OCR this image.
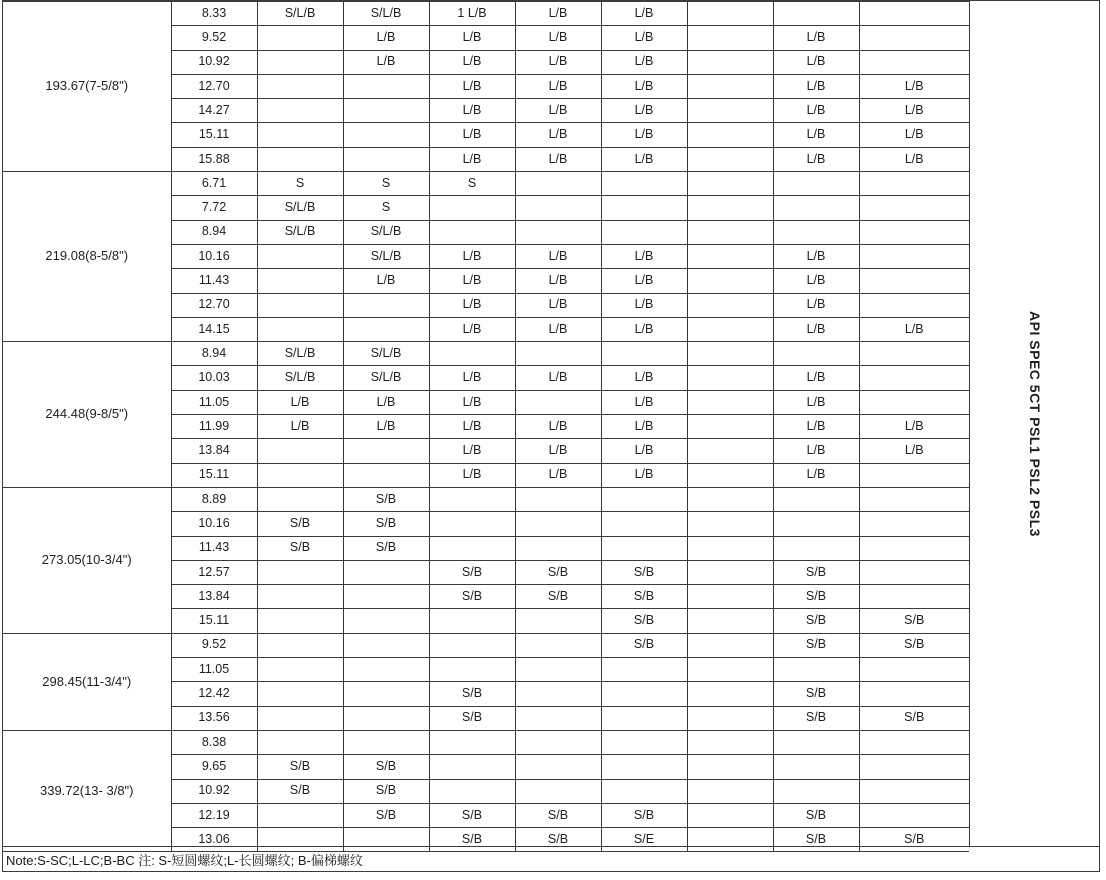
193.67(7-5/8")	8.33	S/L/B	S/L/B	1 L/B	L/B	L/B			
	9.52		L/B	L/B	L/B	L/B		L/B	
	10.92		L/B	L/B	L/B	L/B		L/B	
	12.70			L/B	L/B	L/B		L/B	L/B
	14.27			L/B	L/B	L/B		L/B	L/B
	15.11			L/B	L/B	L/B		L/B	L/B
	15.88			L/B	L/B	L/B		L/B	L/B
219.08(8-5/8")	6.71	S	S	S					
	7.72	S/L/B	S						
	8.94	S/L/B	S/L/B						
	10.16		S/L/B	L/B	L/B	L/B		L/B	
	11.43		L/B	L/B	L/B	L/B		L/B	
	12.70			L/B	L/B	L/B		L/B	
	14.15			L/B	L/B	L/B		L/B	L/B
244.48(9-8/5")	8.94	S/L/B	S/L/B						
	10.03	S/L/B	S/L/B	L/B	L/B	L/B		L/B	
	11.05	L/B	L/B	L/B		L/B		L/B	
	11.99	L/B	L/B	L/B	L/B	L/B		L/B	L/B
	13.84			L/B	L/B	L/B		L/B	L/B
	15.11			L/B	L/B	L/B		L/B	
273.05(10-3/4")	8.89		S/B						
	10.16	S/B	S/B						
	11.43	S/B	S/B						
	12.57			S/B	S/B	S/B		S/B	
	13.84			S/B	S/B	S/B		S/B	
	15.11					S/B		S/B	S/B
298.45(11-3/4")	9.52					S/B		S/B	S/B
	11.05								
	12.42			S/B				S/B	
	13.56			S/B				S/B	S/B
339.72(13- 3/8")	8.38								
	9.65	S/B	S/B						
	10.92	S/B	S/B						
	12.19		S/B	S/B	S/B	S/B		S/B	
	13.06			S/B	S/B	S/E		S/B	S/B
API SPEC 5CT PSL1 PSL2 PSL3
Note:S-SC;L-LC;B-BC 注: S-短圆螺纹;L-长圆螺纹; B-偏梯螺纹
